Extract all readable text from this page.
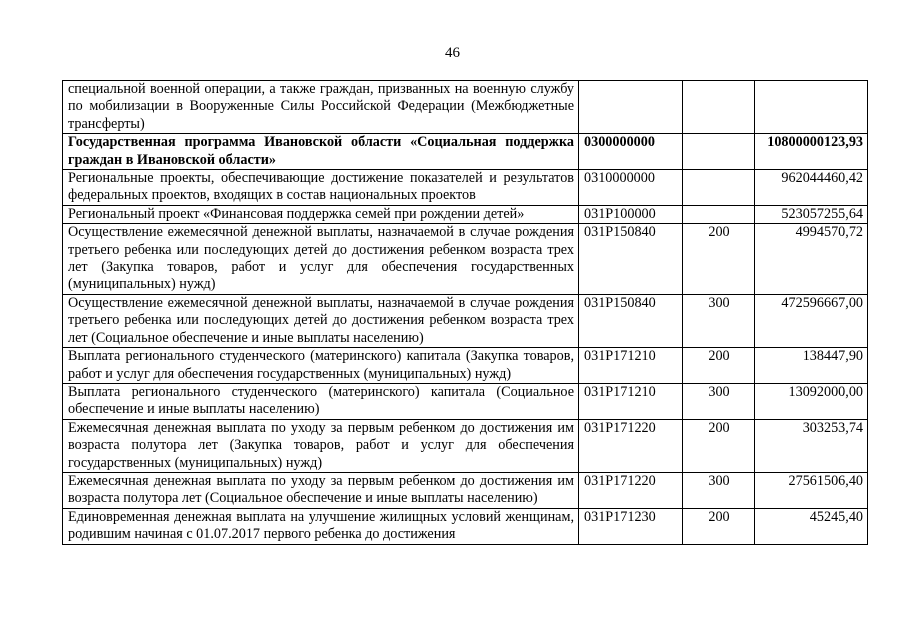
46
специальной военной операции, а также граждан, призванных на военную службу по мобилизации в Вооруженные Силы Российской Федерации (Межбюджетные трансферты)			
Государственная программа Ивановской области «Социальная поддержка граждан в Ивановской области»	0300000000		10800000123,93
Региональные проекты, обеспечивающие достижение показателей и результатов федеральных проектов, входящих в состав национальных проектов	0310000000		962044460,42
Региональный проект «Финансовая поддержка семей при рождении детей»	031Р100000		523057255,64
Осуществление ежемесячной денежной выплаты, назначаемой в случае рождения третьего ребенка или последующих детей до достижения ребенком возраста трех лет (Закупка товаров, работ и услуг для обеспечения государственных (муниципальных) нужд)	031Р150840	200	4994570,72
Осуществление ежемесячной денежной выплаты, назначаемой в случае рождения третьего ребенка или последующих детей до достижения ребенком возраста трех лет (Социальное обеспечение и иные выплаты населению)	031Р150840	300	472596667,00
Выплата регионального студенческого (материнского) капитала (Закупка товаров, работ и услуг для обеспечения государственных (муниципальных) нужд)	031Р171210	200	138447,90
Выплата регионального студенческого (материнского) капитала (Социальное обеспечение и иные выплаты населению)	031Р171210	300	13092000,00
Ежемесячная денежная выплата по уходу за первым ребенком до достижения им возраста полутора лет (Закупка товаров, работ и услуг для обеспечения государственных (муниципальных) нужд)	031Р171220	200	303253,74
Ежемесячная денежная выплата по уходу за первым ребенком до достижения им возраста полутора лет (Социальное обеспечение и иные выплаты населению)	031Р171220	300	27561506,40
Единовременная денежная выплата на улучшение жилищных условий женщинам, родившим начиная с 01.07.2017 первого ребенка до достижения	031Р171230	200	45245,40
